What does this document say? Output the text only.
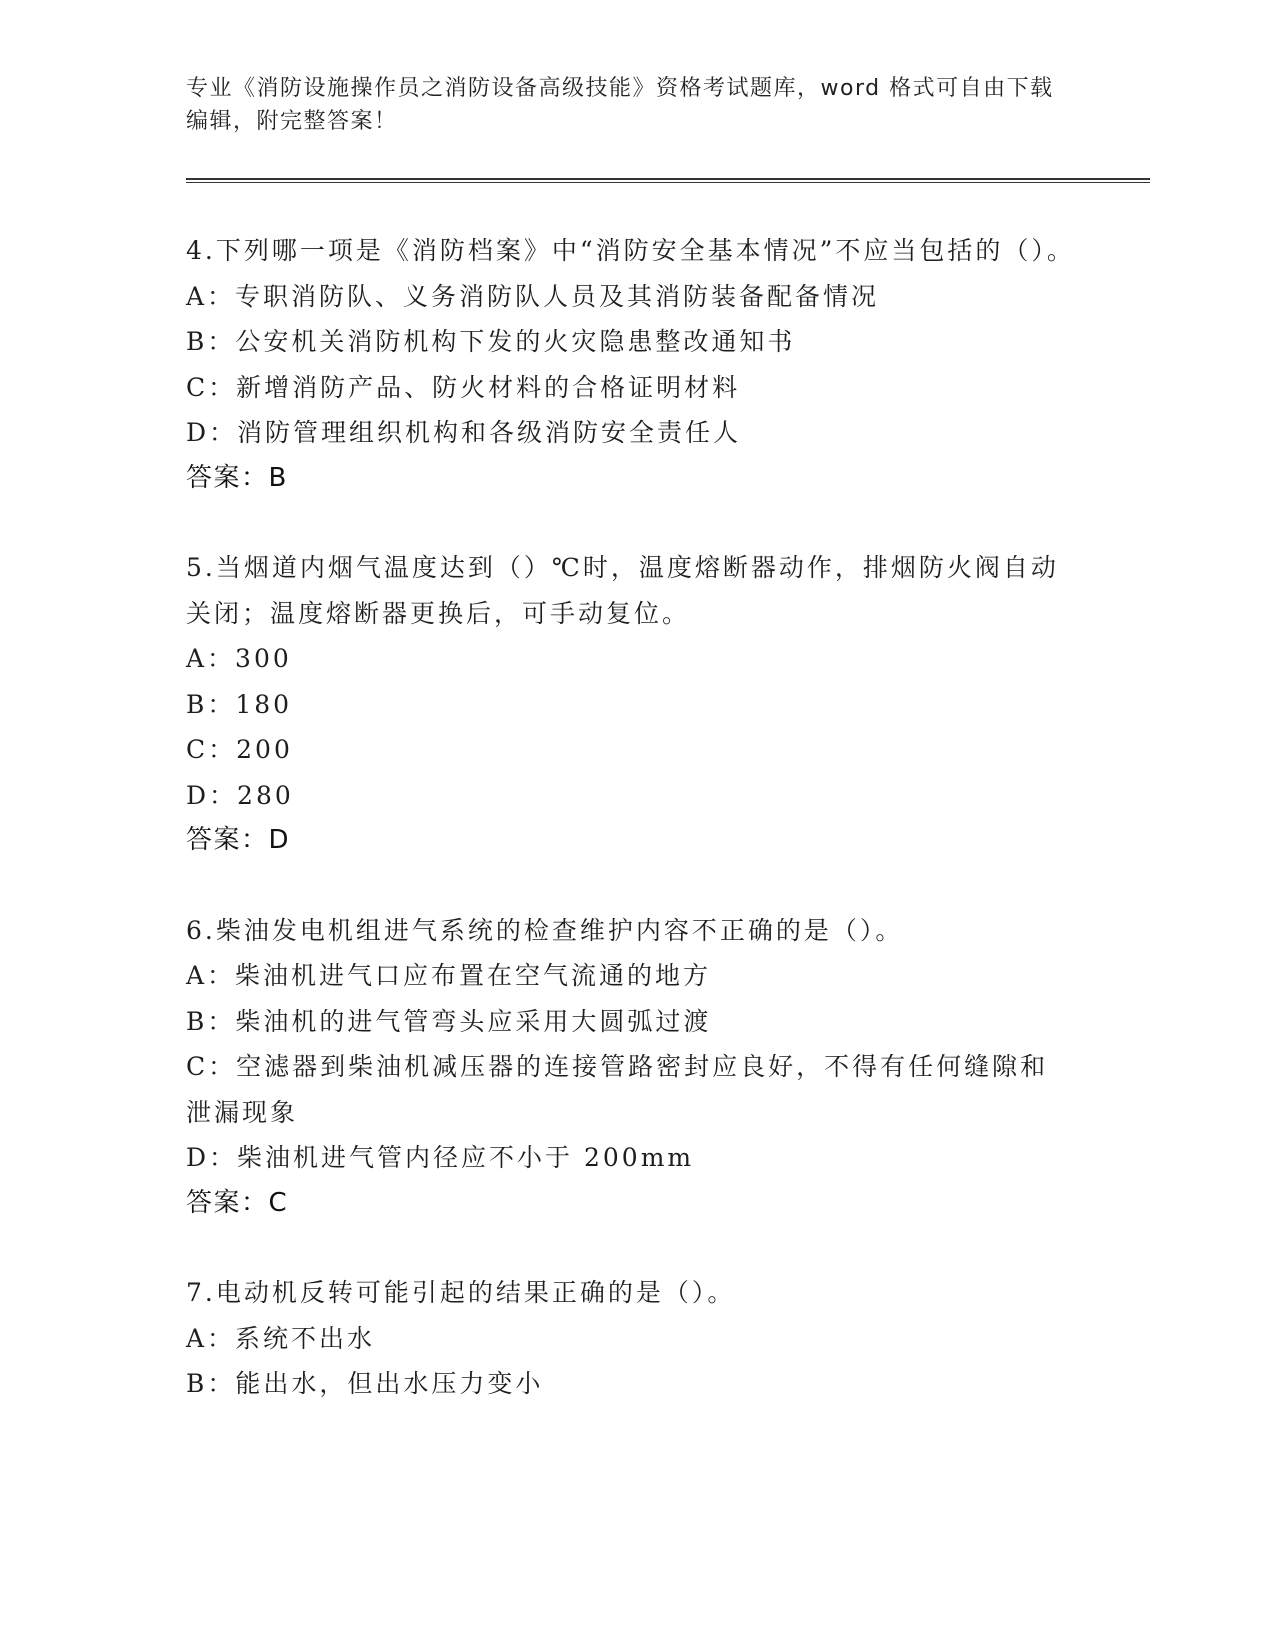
专业《消防设施操作员之消防设备高级技能》资格考试题库，word 格式可自由下载编辑，附完整答案！
4.下列哪一项是《消防档案》中“消防安全基本情况”不应当包括的（）。
A：专职消防队、义务消防队人员及其消防装备配备情况
B：公安机关消防机构下发的火灾隐患整改通知书
C：新增消防产品、防火材料的合格证明材料
D：消防管理组织机构和各级消防安全责任人
答案：B
5.当烟道内烟气温度达到（）℃时，温度熔断器动作，排烟防火阀自动关闭；温度熔断器更换后，可手动复位。
A：300
B：180
C：200
D：280
答案：D
6.柴油发电机组进气系统的检查维护内容不正确的是（）。
A：柴油机进气口应布置在空气流通的地方
B：柴油机的进气管弯头应采用大圆弧过渡
C：空滤器到柴油机减压器的连接管路密封应良好，不得有任何缝隙和泄漏现象
D：柴油机进气管内径应不小于 200mm
答案：C
7.电动机反转可能引起的结果正确的是（）。
A：系统不出水
B：能出水，但出水压力变小
